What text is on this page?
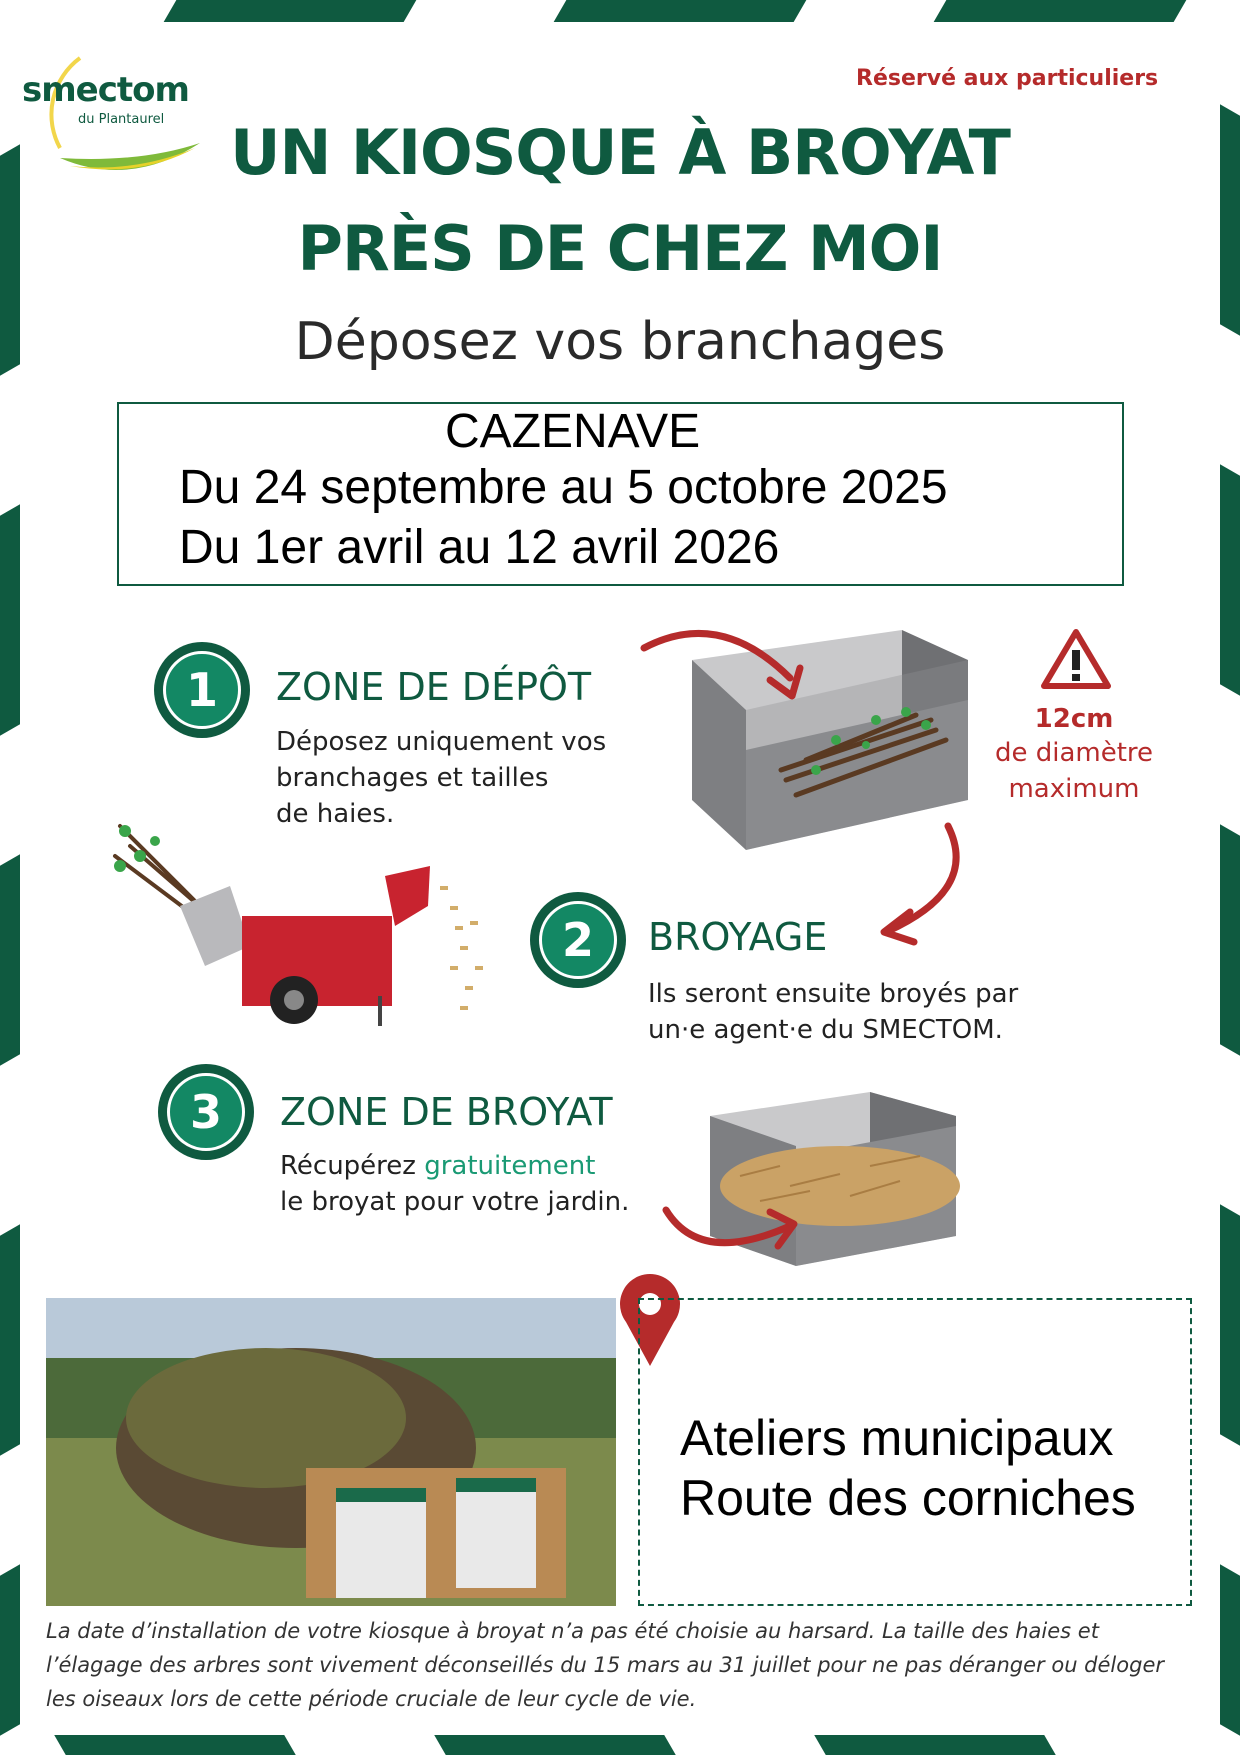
smectom
du Plantaurel
Réservé aux particuliers
UN KIOSQUE À BROYAT
PRÈS DE CHEZ MOI
Déposez vos branchages
CAZENAVE
Du 24 septembre au 5 octobre 2025
Du 1er avril au 12 avril 2026
1	ZONE DE DÉPÔT
Déposez uniquement vos
branchages et tailles
de haies.
12cm
de diamètre
maximum
2	BROYAGE
Ils seront ensuite broyés par
un·e agent·e du SMECTOM.
3	ZONE DE BROYAT
Récupérez gratuitement
le broyat pour votre jardin.
Ateliers municipaux
Route des corniches
La date d’installation de votre kiosque à broyat n’a pas été choisie au harsard. La taille des haies et l’élagage des arbres sont vivement déconseillés du 15 mars au 31 juillet pour ne pas déranger ou déloger les oiseaux lors de cette période cruciale de leur cycle de vie.
